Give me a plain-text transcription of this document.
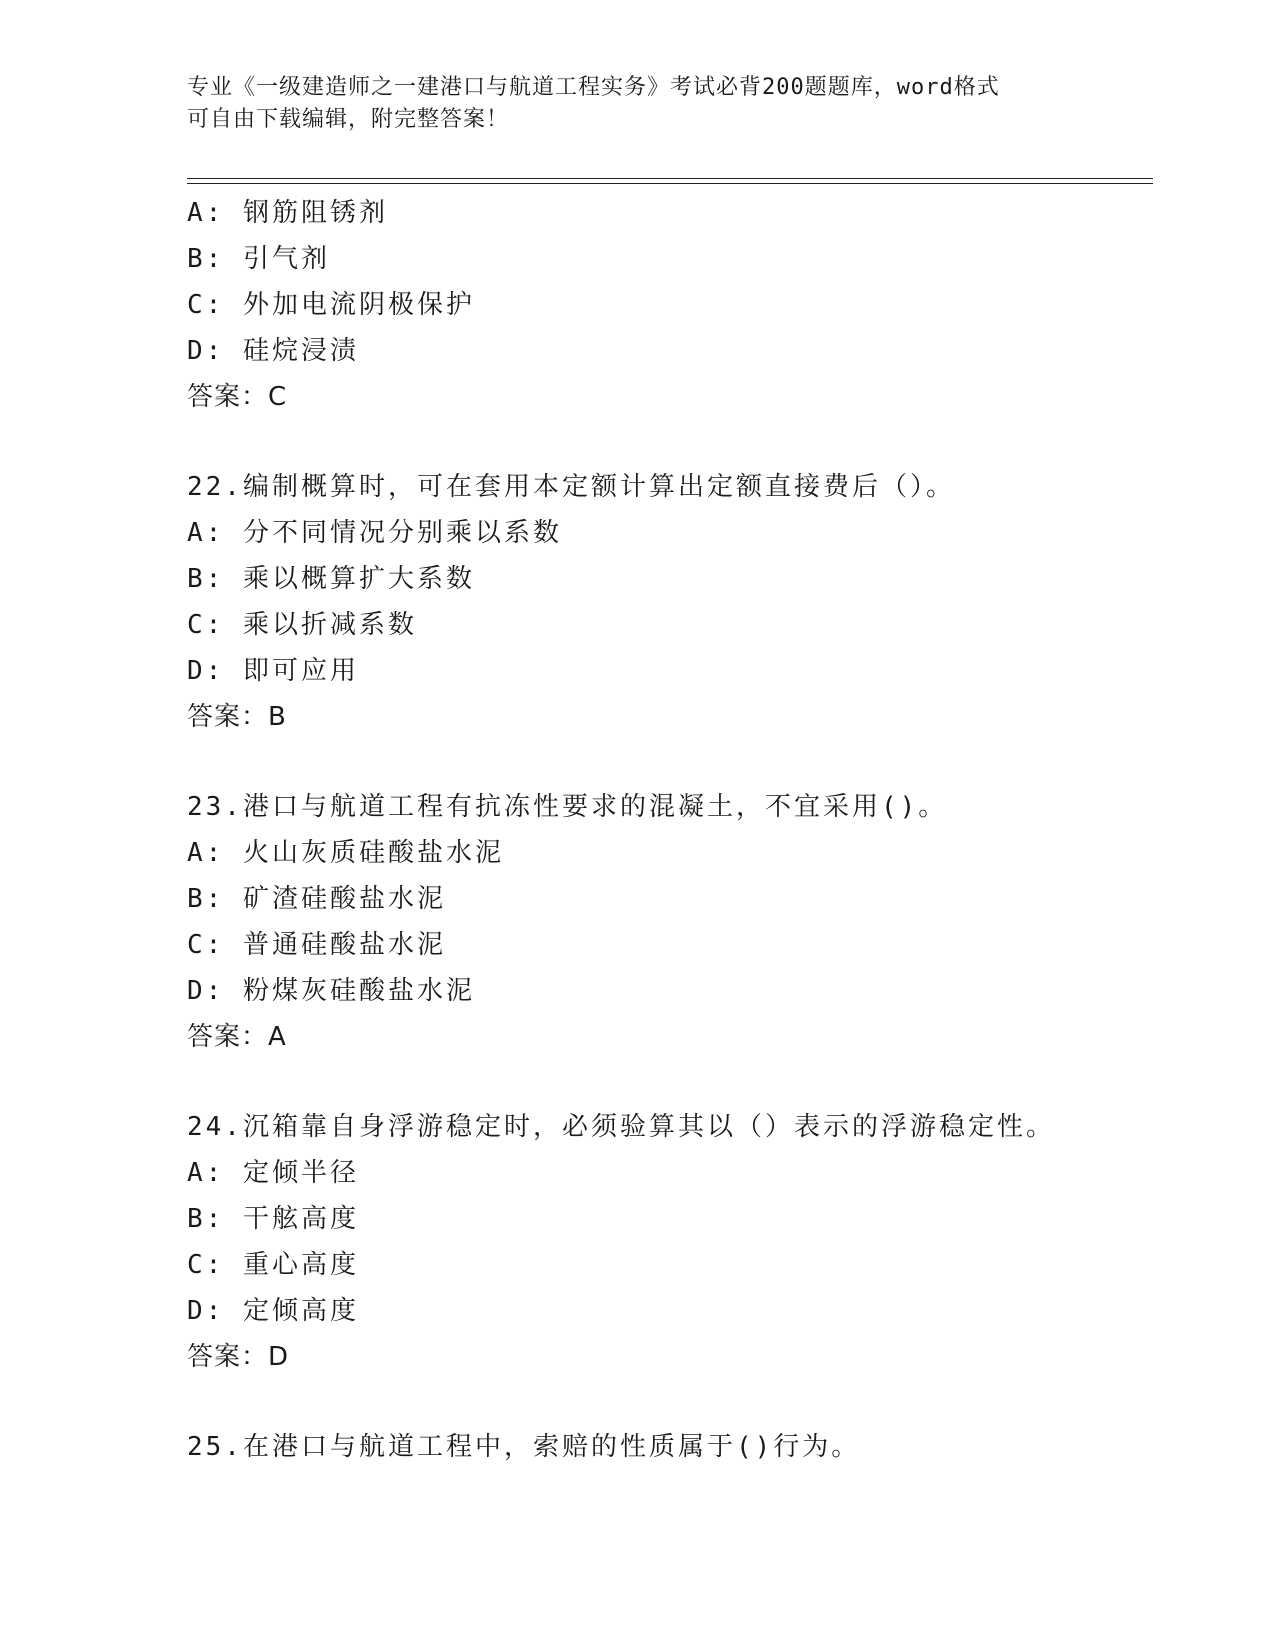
专业《一级建造师之一建港口与航道工程实务》考试必背200题题库，word格式
可自由下载编辑，附完整答案！
A: 钢筋阻锈剂
B: 引气剂
C: 外加电流阴极保护
D: 硅烷浸渍
答案：C
22.编制概算时，可在套用本定额计算出定额直接费后（）。
A: 分不同情况分别乘以系数
B: 乘以概算扩大系数
C: 乘以折减系数
D: 即可应用
答案：B
23.港口与航道工程有抗冻性要求的混凝土，不宜采用()。
A: 火山灰质硅酸盐水泥
B: 矿渣硅酸盐水泥
C: 普通硅酸盐水泥
D: 粉煤灰硅酸盐水泥
答案：A
24.沉箱靠自身浮游稳定时，必须验算其以（）表示的浮游稳定性。
A: 定倾半径
B: 干舷高度
C: 重心高度
D: 定倾高度
答案：D
25.在港口与航道工程中，索赔的性质属于()行为。
